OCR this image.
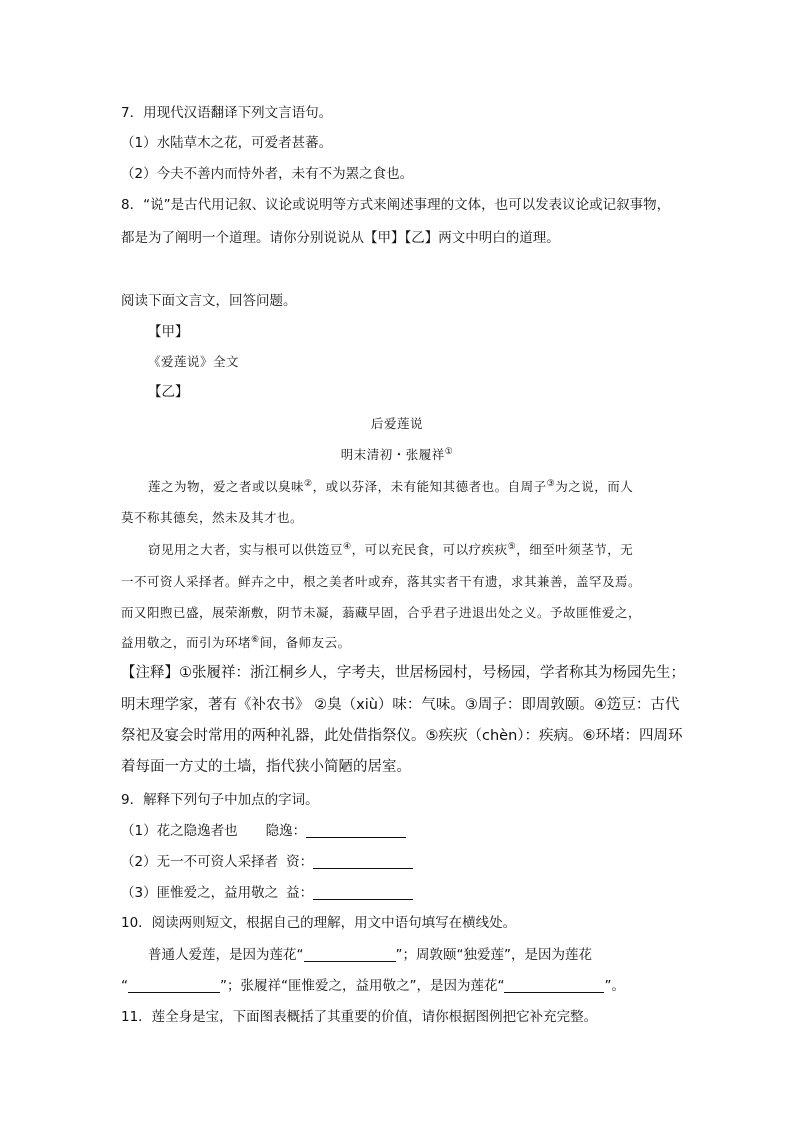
7．用现代汉语翻译下列文言语句。
（1）水陆草木之花，可爱者甚蕃。
（2）今夫不善内而恃外者，未有不为罴之食也。
8．“说”是古代用记叙、议论或说明等方式来阐述事理的文体，也可以发表议论或记叙事物，
都是为了阐明一个道理。请你分别说说从【甲】【乙】两文中明白的道理。
阅读下面文言文，回答问题。
【甲】
《爱莲说》全文
【乙】
后爱莲说
明末清初・张履祥①
莲之为物，爱之者或以臭味②，或以芬泽，未有能知其德者也。自周子③为之说，而人
莫不称其德矣，然未及其才也。
窃见用之大者，实与根可以供笾豆④，可以充民食，可以疗疾疢⑤，细至叶须茎节，无
一不可资人采择者。鲜卉之中，根之美者叶或弃，落其实者干有遗，求其兼善，盖罕及焉。
而又阳煦已盛，展荣渐敷，阴节未凝，蓊藏早固，合乎君子进退出处之义。予故匪惟爱之，
益用敬之，而引为环堵⑥间，备师友云。
【注释】①张履祥：浙江桐乡人，字考夫，世居杨园村，号杨园，学者称其为杨园先生；
明末理学家，著有《补农书》 ②臭（xiù）味：气味。③周子：即周敦颐。④笾豆：古代
祭祀及宴会时常用的两种礼器，此处借指祭仪。⑤疾疢（chèn）：疾病。⑥环堵：四周环
着每面一方丈的土墙，指代狭小简陋的居室。
9．解释下列句子中加点的字词。
（1）花之隐逸者也 隐逸：
（2）无一不可资人采择者 资：
（3）匪惟爱之，益用敬之 益：
10．阅读两则短文，根据自己的理解，用文中语句填写在横线处。
普通人爱莲，是因为莲花“	”；周敦颐“独爱莲”，是因为莲花
“	”；张履祥“匪惟爱之，益用敬之”，是因为莲花“	”。
11．莲全身是宝，下面图表概括了其重要的价值，请你根据图例把它补充完整。
